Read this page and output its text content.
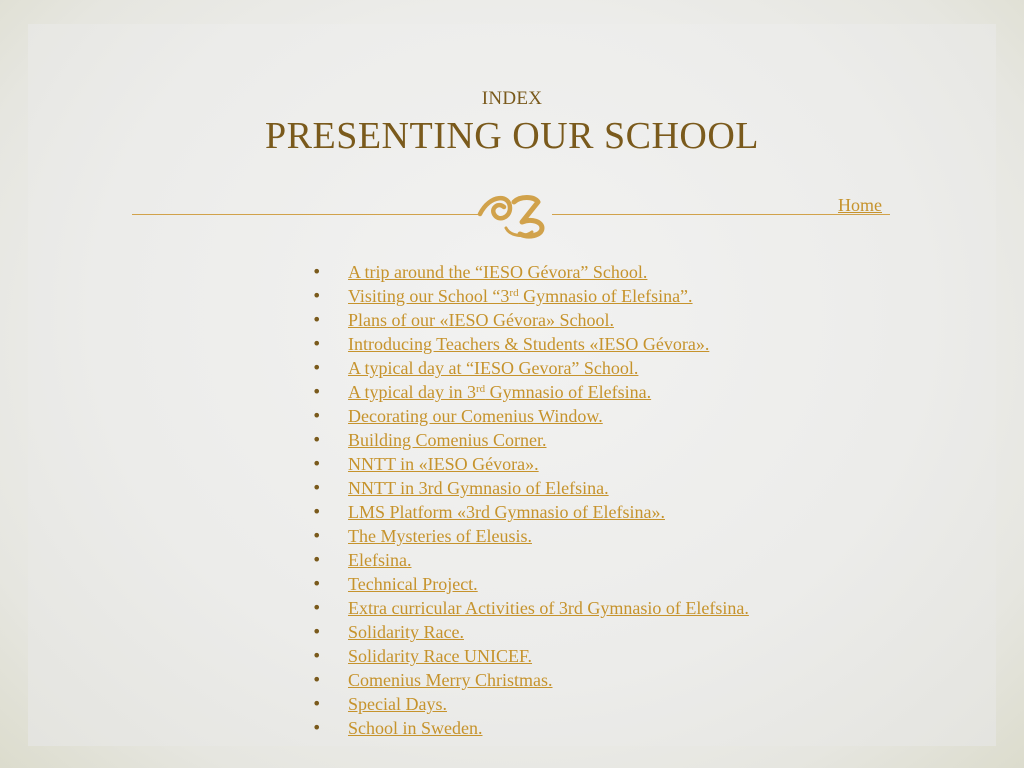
INDEX
PRESENTING OUR SCHOOL
Home
• A trip around the “IESO Gévora” School.
• Visiting our School “3rd Gymnasio of Elefsina”.
• Plans of our «IESO Gévora» School.
• Introducing Teachers & Students «IESO Gévora».
• A typical day at “IESO Gevora” School.
• A typical day in 3rd Gymnasio of Elefsina.
• Decorating our Comenius Window.
• Building Comenius Corner.
• NNTT in «IESO Gévora».
• NNTT in 3rd Gymnasio of Elefsina.
• LMS Platform «3rd Gymnasio of Elefsina».
• The Mysteries of Eleusis.
• Elefsina.
• Technical Project.
• Extra curricular Activities of 3rd Gymnasio of Elefsina.
• Solidarity Race.
• Solidarity Race UNICEF.
• Comenius Merry Christmas.
• Special Days.
• School in Sweden.
